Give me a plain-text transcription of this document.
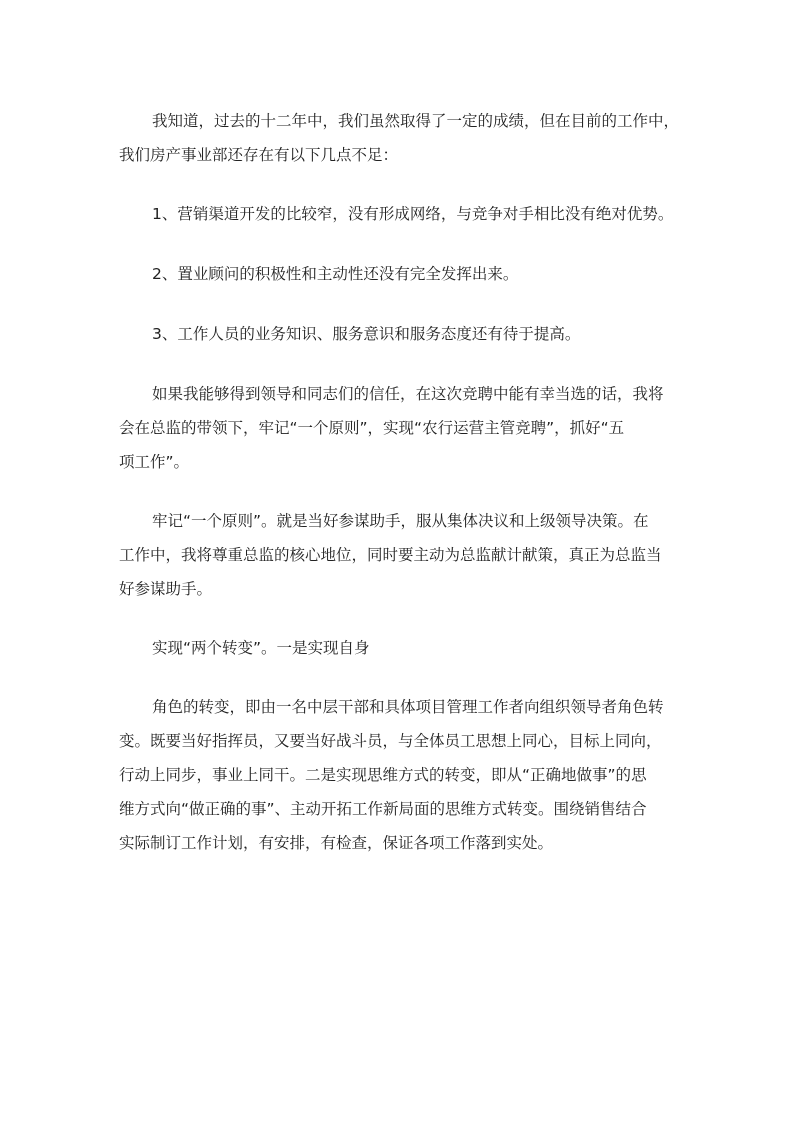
我知道，过去的十二年中，我们虽然取得了一定的成绩，但在目前的工作中，
我们房产事业部还存在有以下几点不足：

1、营销渠道开发的比较窄，没有形成网络，与竞争对手相比没有绝对优势。

2、置业顾问的积极性和主动性还没有完全发挥出来。

3、工作人员的业务知识、服务意识和服务态度还有待于提高。

如果我能够得到领导和同志们的信任，在这次竞聘中能有幸当选的话，我将
会在总监的带领下，牢记“一个原则”，实现“农行运营主管竞聘”，抓好“五
项工作”。

牢记“一个原则”。就是当好参谋助手，服从集体决议和上级领导决策。在
工作中，我将尊重总监的核心地位，同时要主动为总监献计献策，真正为总监当
好参谋助手。

实现“两个转变”。一是实现自身

角色的转变，即由一名中层干部和具体项目管理工作者向组织领导者角色转
变。既要当好指挥员，又要当好战斗员，与全体员工思想上同心，目标上同向，
行动上同步，事业上同干。二是实现思维方式的转变，即从“正确地做事”的思
维方式向“做正确的事”、主动开拓工作新局面的思维方式转变。围绕销售结合
实际制订工作计划，有安排，有检查，保证各项工作落到实处。
